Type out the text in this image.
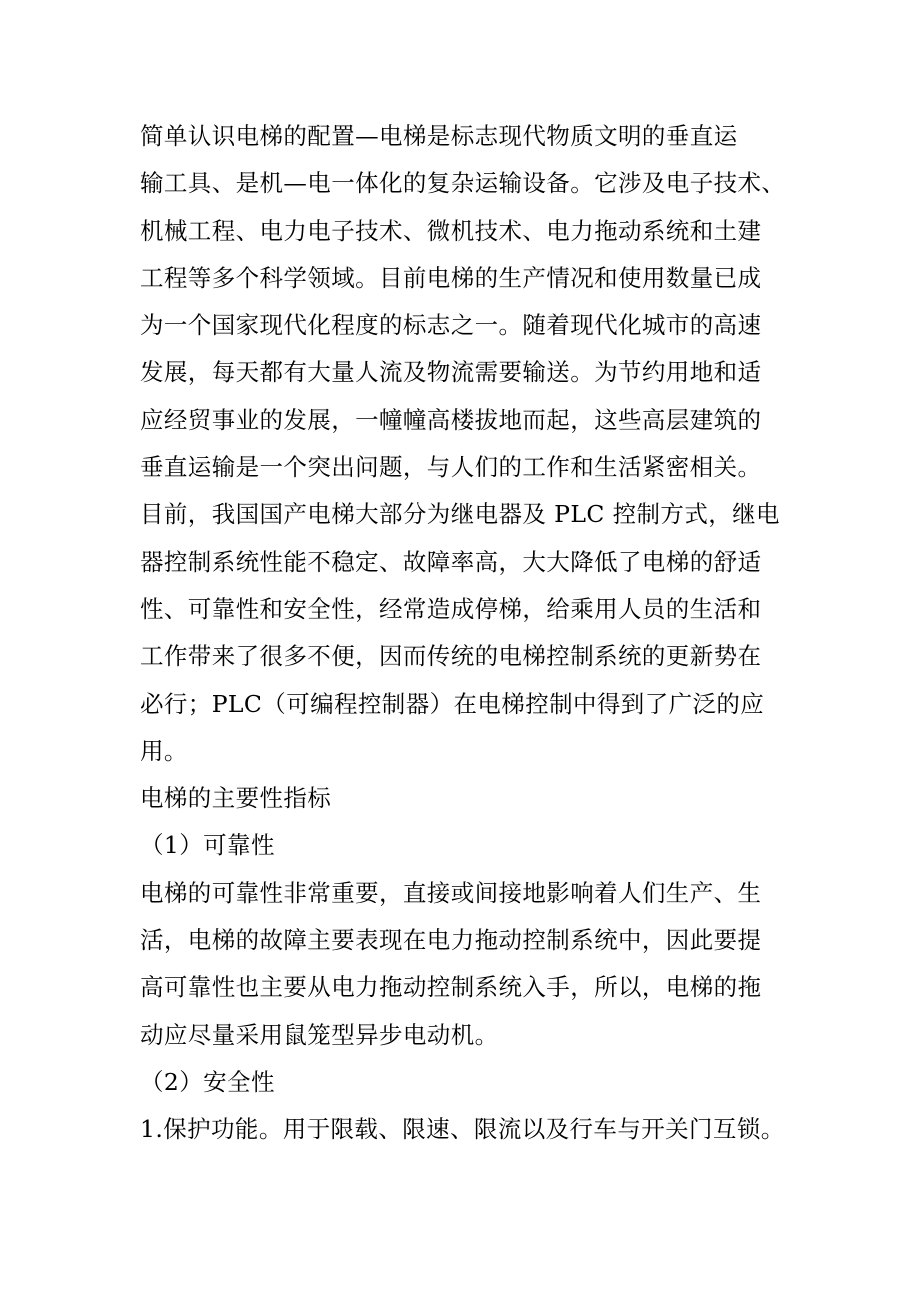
简单认识电梯的配置—电梯是标志现代物质文明的垂直运
输工具、是机—电一体化的复杂运输设备。它涉及电子技术、
机械工程、电力电子技术、微机技术、电力拖动系统和土建
工程等多个科学领域。目前电梯的生产情况和使用数量已成
为一个国家现代化程度的标志之一。随着现代化城市的高速
发展，每天都有大量人流及物流需要输送。为节约用地和适
应经贸事业的发展，一幢幢高楼拔地而起，这些高层建筑的
垂直运输是一个突出问题，与人们的工作和生活紧密相关。
目前，我国国产电梯大部分为继电器及 PLC 控制方式，继电
器控制系统性能不稳定、故障率高，大大降低了电梯的舒适
性、可靠性和安全性，经常造成停梯，给乘用人员的生活和
工作带来了很多不便，因而传统的电梯控制系统的更新势在
必行；PLC（可编程控制器）在电梯控制中得到了广泛的应
用。
电梯的主要性指标
（1）可靠性
电梯的可靠性非常重要，直接或间接地影响着人们生产、生
活，电梯的故障主要表现在电力拖动控制系统中，因此要提
高可靠性也主要从电力拖动控制系统入手，所以，电梯的拖
动应尽量采用鼠笼型异步电动机。
（2）安全性
1.保护功能。用于限载、限速、限流以及行车与开关门互锁。
